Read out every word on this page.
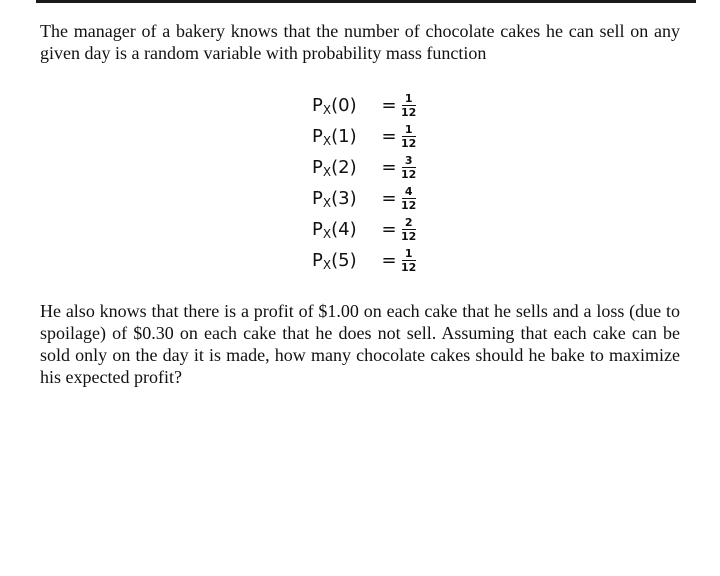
The manager of a bakery knows that the number of chocolate cakes he can sell on any given day is a random variable with probability mass function

$P_X(0)$	= $\frac{1}{12}$
$P_X(1)$	= $\frac{1}{12}$
$P_X(2)$	= $\frac{3}{12}$
$P_X(3)$	= $\frac{4}{12}$
$P_X(4)$	= $\frac{2}{12}$
$P_X(5)$	= $\frac{1}{12}$

He also knows that there is a profit of $1.00 on each cake that he sells and a loss (due to spoilage) of $0.30 on each cake that he does not sell. Assuming that each cake can be sold only on the day it is made, how many chocolate cakes should he bake to maximize his expected profit?
